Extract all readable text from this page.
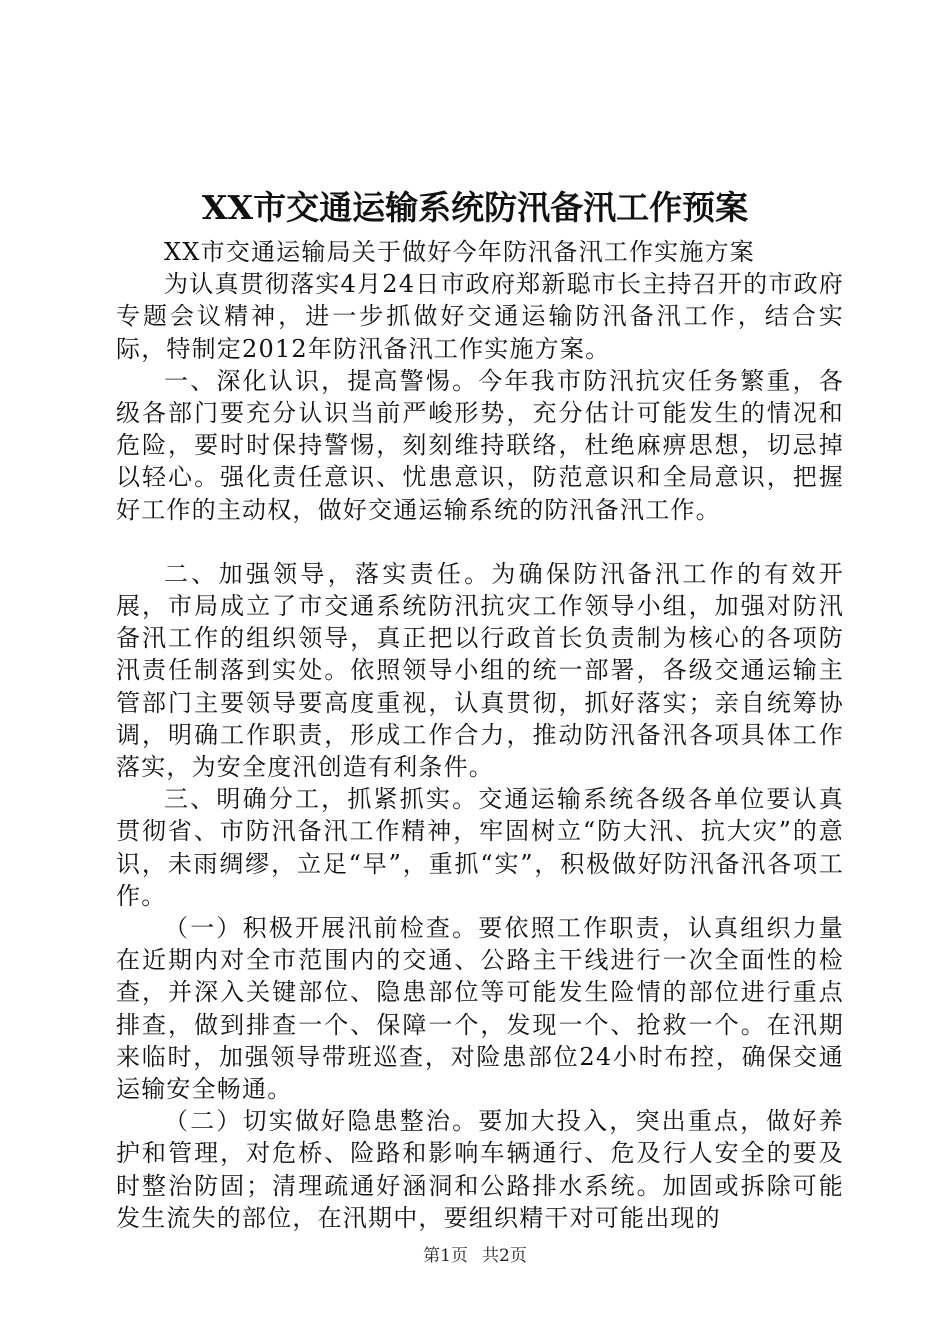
XX市交通运输系统防汛备汛工作预案

XX市交通运输局关于做好今年防汛备汛工作实施方案

为认真贯彻落实4月24日市政府郑新聪市长主持召开的市政府专题会议精神，进一步抓做好交通运输防汛备汛工作，结合实际，特制定2012年防汛备汛工作实施方案。

一、深化认识，提高警惕。今年我市防汛抗灾任务繁重，各级各部门要充分认识当前严峻形势，充分估计可能发生的情况和危险，要时时保持警惕，刻刻维持联络，杜绝麻痹思想，切忌掉以轻心。强化责任意识、忧患意识，防范意识和全局意识，把握好工作的主动权，做好交通运输系统的防汛备汛工作。

二、加强领导，落实责任。为确保防汛备汛工作的有效开展，市局成立了市交通系统防汛抗灾工作领导小组，加强对防汛备汛工作的组织领导，真正把以行政首长负责制为核心的各项防汛责任制落到实处。依照领导小组的统一部署，各级交通运输主管部门主要领导要高度重视，认真贯彻，抓好落实；亲自统筹协调，明确工作职责，形成工作合力，推动防汛备汛各项具体工作落实，为安全度汛创造有利条件。

三、明确分工，抓紧抓实。交通运输系统各级各单位要认真贯彻省、市防汛备汛工作精神，牢固树立“防大汛、抗大灾”的意识，未雨绸缪，立足“早”，重抓“实”，积极做好防汛备汛各项工作。

（一）积极开展汛前检查。要依照工作职责，认真组织力量在近期内对全市范围内的交通、公路主干线进行一次全面性的检查，并深入关键部位、隐患部位等可能发生险情的部位进行重点排查，做到排查一个、保障一个，发现一个、抢救一个。在汛期来临时，加强领导带班巡查，对险患部位24小时布控，确保交通运输安全畅通。

（二）切实做好隐患整治。要加大投入，突出重点，做好养护和管理，对危桥、险路和影响车辆通行、危及行人安全的要及时整治防固；清理疏通好涵洞和公路排水系统。加固或拆除可能发生流失的部位，在汛期中，要组织精干对可能出现的

第1页 共2页
